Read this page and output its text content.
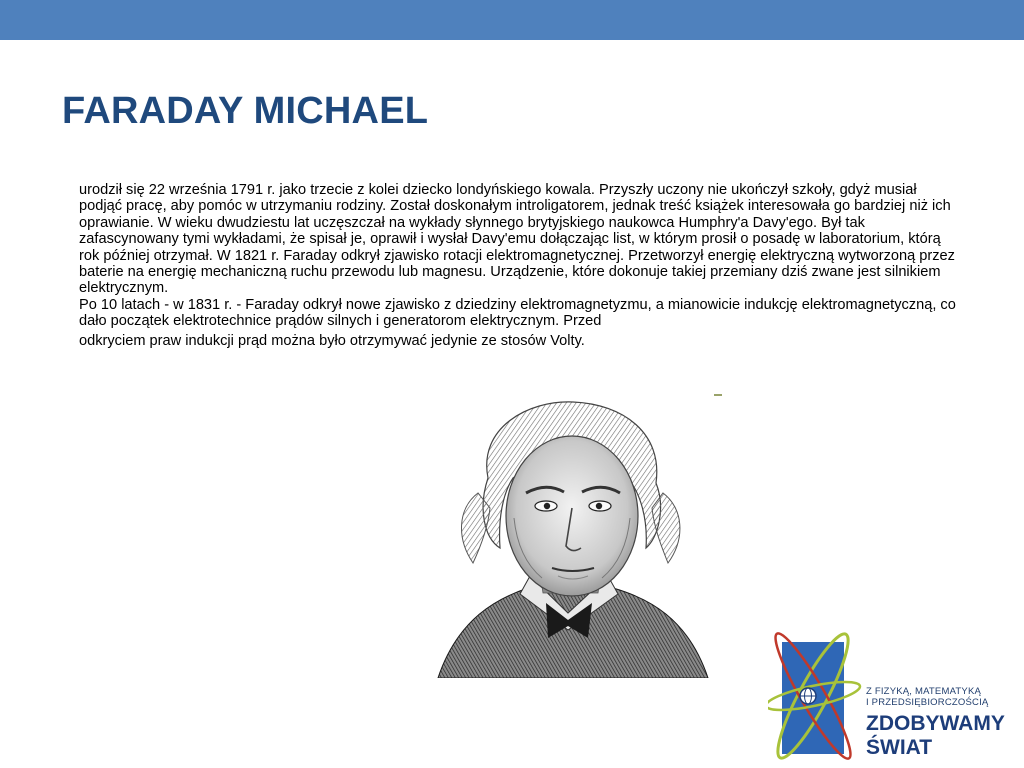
FARADAY MICHAEL

urodził się 22 września 1791 r. jako trzecie z kolei dziecko londyńskiego kowala. Przyszły uczony nie ukończył szkoły, gdyż musiał podjąć pracę, aby pomóc w utrzymaniu rodziny. Został doskonałym introligatorem, jednak treść książek interesowała go bardziej niż ich oprawianie. W wieku dwudziestu lat uczęszczał na wykłady słynnego brytyjskiego naukowca Humphry'a Davy'ego. Był tak zafascynowany tymi wykładami, że spisał je, oprawił i wysłał Davy'emu dołączając list, w którym prosił o posadę w laboratorium, którą rok później otrzymał. W 1821 r. Faraday odkrył zjawisko rotacji elektromagnetycznej. Przetworzył energię elektryczną wytworzoną przez baterie na energię mechaniczną ruchu przewodu lub magnesu. Urządzenie, które dokonuje takiej przemiany dziś zwane jest silnikiem elektrycznym.

Po 10 latach - w 1831 r. - Faraday odkrył nowe zjawisko z dziedziny elektromagnetyzmu, a mianowicie indukcję elektromagnetyczną, co dało początek elektrotechnice prądów silnych i generatorom elektrycznym. Przed

odkryciem praw indukcji prąd można było otrzymywać jedynie ze stosów Volty.

Z FIZYKĄ, MATEMATYKĄ
I PRZEDSIĘBIORCZOŚCIĄ
ZDOBYWAMY
ŚWIAT
